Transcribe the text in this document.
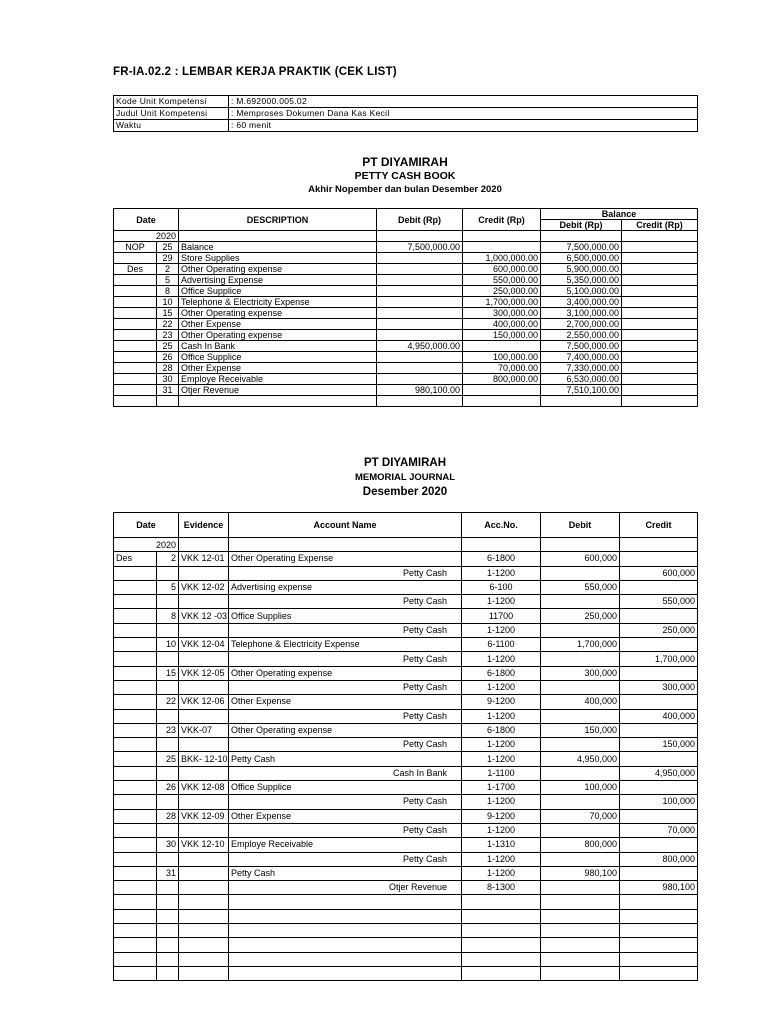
FR-IA.02.2 : LEMBAR KERJA PRAKTIK (CEK LIST)
Kode Unit Kompetensi	: M.692000.005.02
Judul Unit Kompetensi	: Memproses Dokumen Dana Kas Kecil
Waktu	: 60 menit
PT DIYAMIRAH
PETTY CASH BOOK
Akhir Nopember dan bulan Desember 2020
Date		DESCRIPTION	Debit (Rp)	Credit (Rp)	Balance	
					Debit (Rp)	Credit (Rp)
2020						
NOP	25	Balance	7,500,000.00		7,500,000.00	
	29	Store Supplies		1,000,000.00	6,500,000.00	
Des	2	Other Operating expense		600,000.00	5,900,000.00	
	5	Advertising Expense		550,000.00	5,350,000.00	
	8	Office Supplice		250,000.00	5,100,000.00	
	10	Telephone & Electricity Expense		1,700,000.00	3,400,000.00	
	15	Other Operating expense		300,000.00	3,100,000.00	
	22	Other Expense		400,000.00	2,700,000.00	
	23	Other Operating expense		150,000.00	2,550,000.00	
	25	Cash In Bank	4,950,000.00		7,500,000.00	
	26	Office Supplice		100,000.00	7,400,000.00	
	28	Other Expense		70,000.00	7,330,000.00	
	30	Employe Receivable		800,000.00	6,530,000.00	
	31	Otjer Revenue	980,100.00		7,510,100.00	

PT DIYAMIRAH
MEMORIAL JOURNAL
Desember 2020
Date		Evidence	Account Name	Acc.No.	Debit	Credit
2020						
Des	2	VKK 12-01	Other Operating Expense	6-1800	600,000	
			Petty Cash	1-1200		600,000
	5	VKK 12-02	Advertising expense	6-100	550,000	
			Petty Cash	1-1200		550,000
	8	VKK 12 -03	Office Supplies	11700	250,000	
			Petty Cash	1-1200		250,000
	10	VKK 12-04	Telephone & Electricity Expense	6-1100	1,700,000	
			Petty Cash	1-1200		1,700,000
	15	VKK 12-05	Other Operating expense	6-1800	300,000	
			Petty Cash	1-1200		300,000
	22	VKK 12-06	Other Expense	9-1200	400,000	
			Petty Cash	1-1200		400,000
	23	VKK-07	Other Operating expense	6-1800	150,000	
			Petty Cash	1-1200		150,000
	25	BKK- 12-10	Petty Cash	1-1200	4,950,000	
			Cash In Bank	1-1100		4,950,000
	26	VKK 12-08	Office Supplice	1-1700	100,000	
			Petty Cash	1-1200		100,000
	28	VKK 12-09	Other Expense	9-1200	70,000	
			Petty Cash	1-1200		70,000
	30	VKK 12-10	Employe Receivable	1-1310	800,000	
			Petty Cash	1-1200		800,000
	31		Petty Cash	1-1200	980,100	
			Otjer Revenue	8-1300		980,100
